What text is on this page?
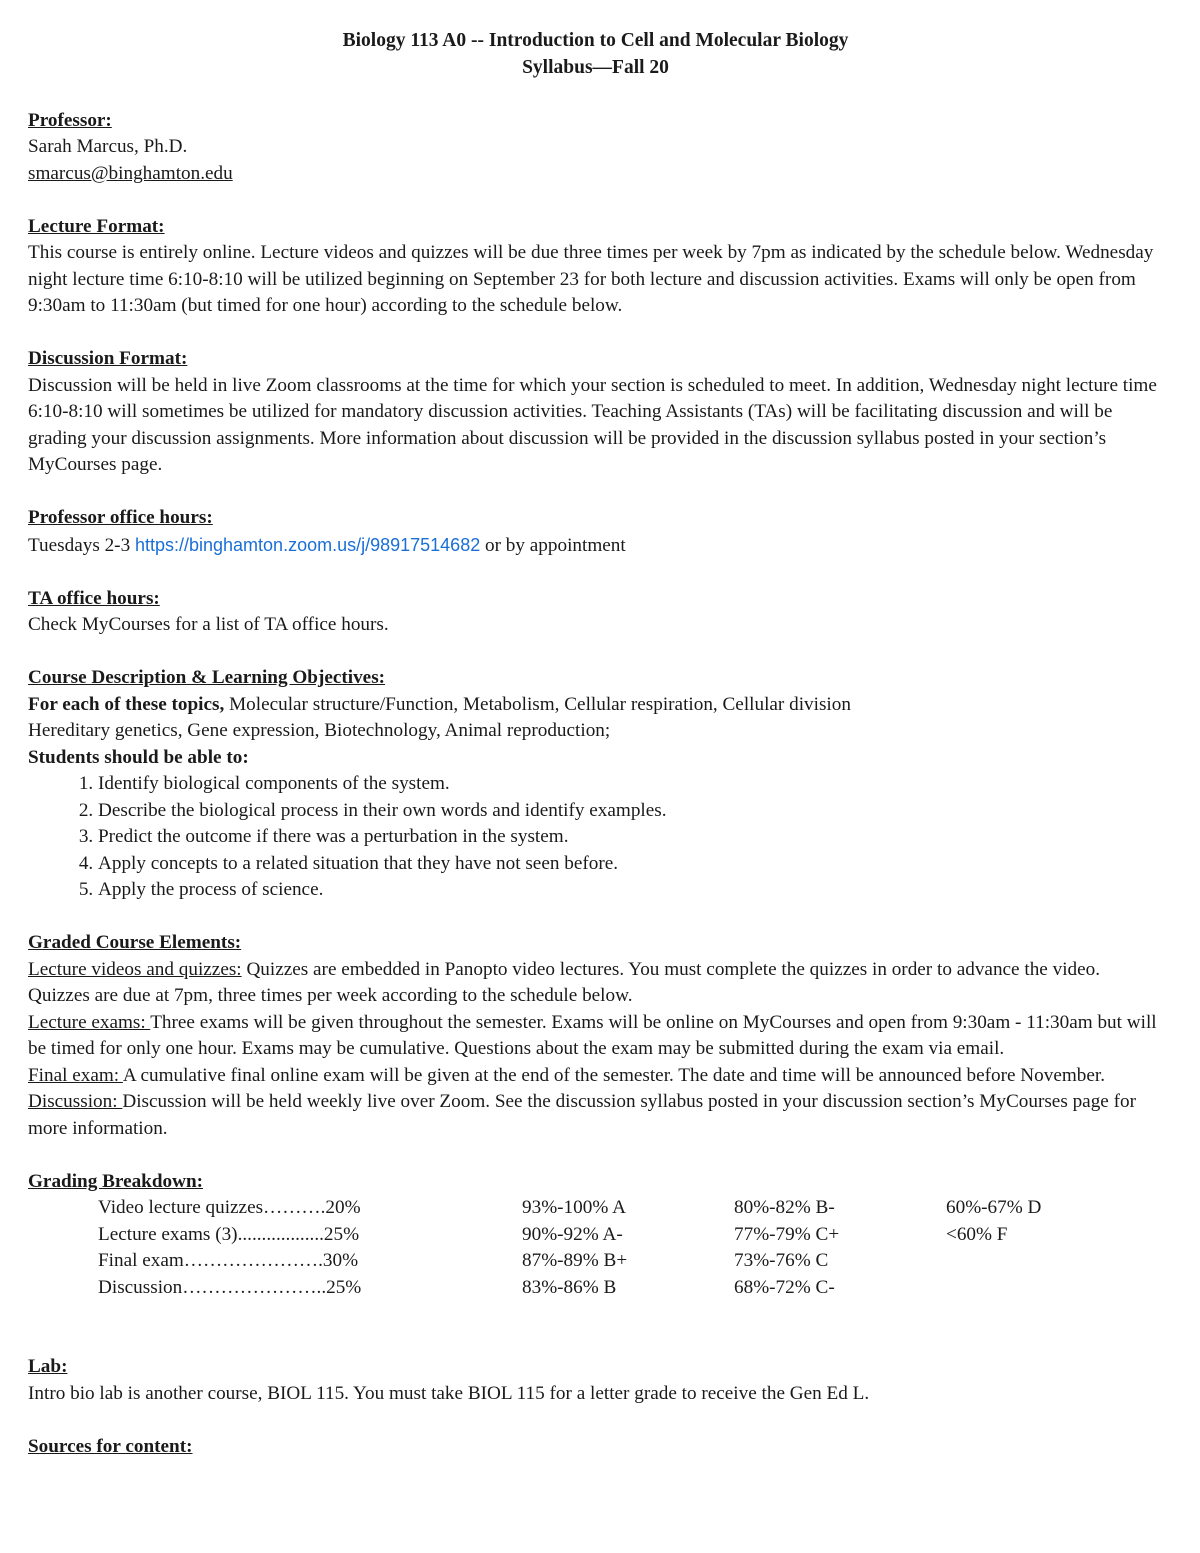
Biology 113 A0 -- Introduction to Cell and Molecular Biology
Syllabus—Fall 20
Professor:
Sarah Marcus, Ph.D.
smarcus@binghamton.edu
Lecture Format:

This course is entirely online. Lecture videos and quizzes will be due three times per week by 7pm as indicated by the schedule below. Wednesday night lecture time 6:10-8:10 will be utilized beginning on September 23 for both lecture and discussion activities. Exams will only be open from 9:30am to 11:30am (but timed for one hour) according to the schedule below.

Discussion Format:

Discussion will be held in live Zoom classrooms at the time for which your section is scheduled to meet. In addition, Wednesday night lecture time 6:10-8:10 will sometimes be utilized for mandatory discussion activities. Teaching Assistants (TAs) will be facilitating discussion and will be grading your discussion assignments. More information about discussion will be provided in the discussion syllabus posted in your section’s MyCourses page.

Professor office hours:
Tuesdays 2-3 https://binghamton.zoom.us/j/98917514682 or by appointment
TA office hours:
Check MyCourses for a list of TA office hours.
Course Description & Learning Objectives:
For each of these topics, Molecular structure/Function, Metabolism, Cellular respiration, Cellular division
Hereditary genetics, Gene expression, Biotechnology, Animal reproduction;
Students should be able to:
1. Identify biological components of the system.
2. Describe the biological process in their own words and identify examples.
3. Predict the outcome if there was a perturbation in the system.
4. Apply concepts to a related situation that they have not seen before.
5. Apply the process of science.
Graded Course Elements:

Lecture videos and quizzes: Quizzes are embedded in Panopto video lectures. You must complete the quizzes in order to advance the video. Quizzes are due at 7pm, three times per week according to the schedule below.

Lecture exams: Three exams will be given throughout the semester. Exams will be online on MyCourses and open from 9:30am - 11:30am but will be timed for only one hour. Exams may be cumulative. Questions about the exam may be submitted during the exam via email.

Final exam: A cumulative final online exam will be given at the end of the semester. The date and time will be announced before November.

Discussion: Discussion will be held weekly live over Zoom. See the discussion syllabus posted in your discussion section’s MyCourses page for more information.

Grading Breakdown:
Video lecture quizzes……….20%
Lecture exams (3)..................25%
Final exam………………….30%
Discussion…………………..25%
93%-100% A
90%-92% A-
87%-89% B+
83%-86% B
80%-82% B-
77%-79% C+
73%-76% C
68%-72% C-
60%-67% D
<60% F
Lab:
Intro bio lab is another course, BIOL 115. You must take BIOL 115 for a letter grade to receive the Gen Ed L.
Sources for content:
